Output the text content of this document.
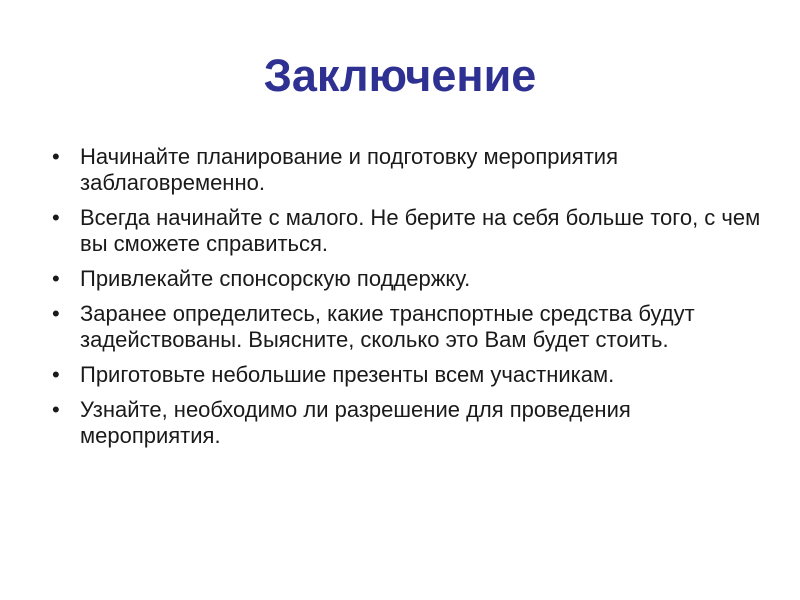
Заключение
• Начинайте планирование и подготовку мероприятия заблаговременно.
• Всегда начинайте с малого. Не берите на себя больше того, с чем вы сможете справиться.
• Привлекайте спонсорскую поддержку.
• Заранее определитесь, какие транспортные средства будут задействованы. Выясните, сколько это Вам будет стоить.
• Приготовьте небольшие презенты всем участникам.
• Узнайте, необходимо ли разрешение для проведения мероприятия.
